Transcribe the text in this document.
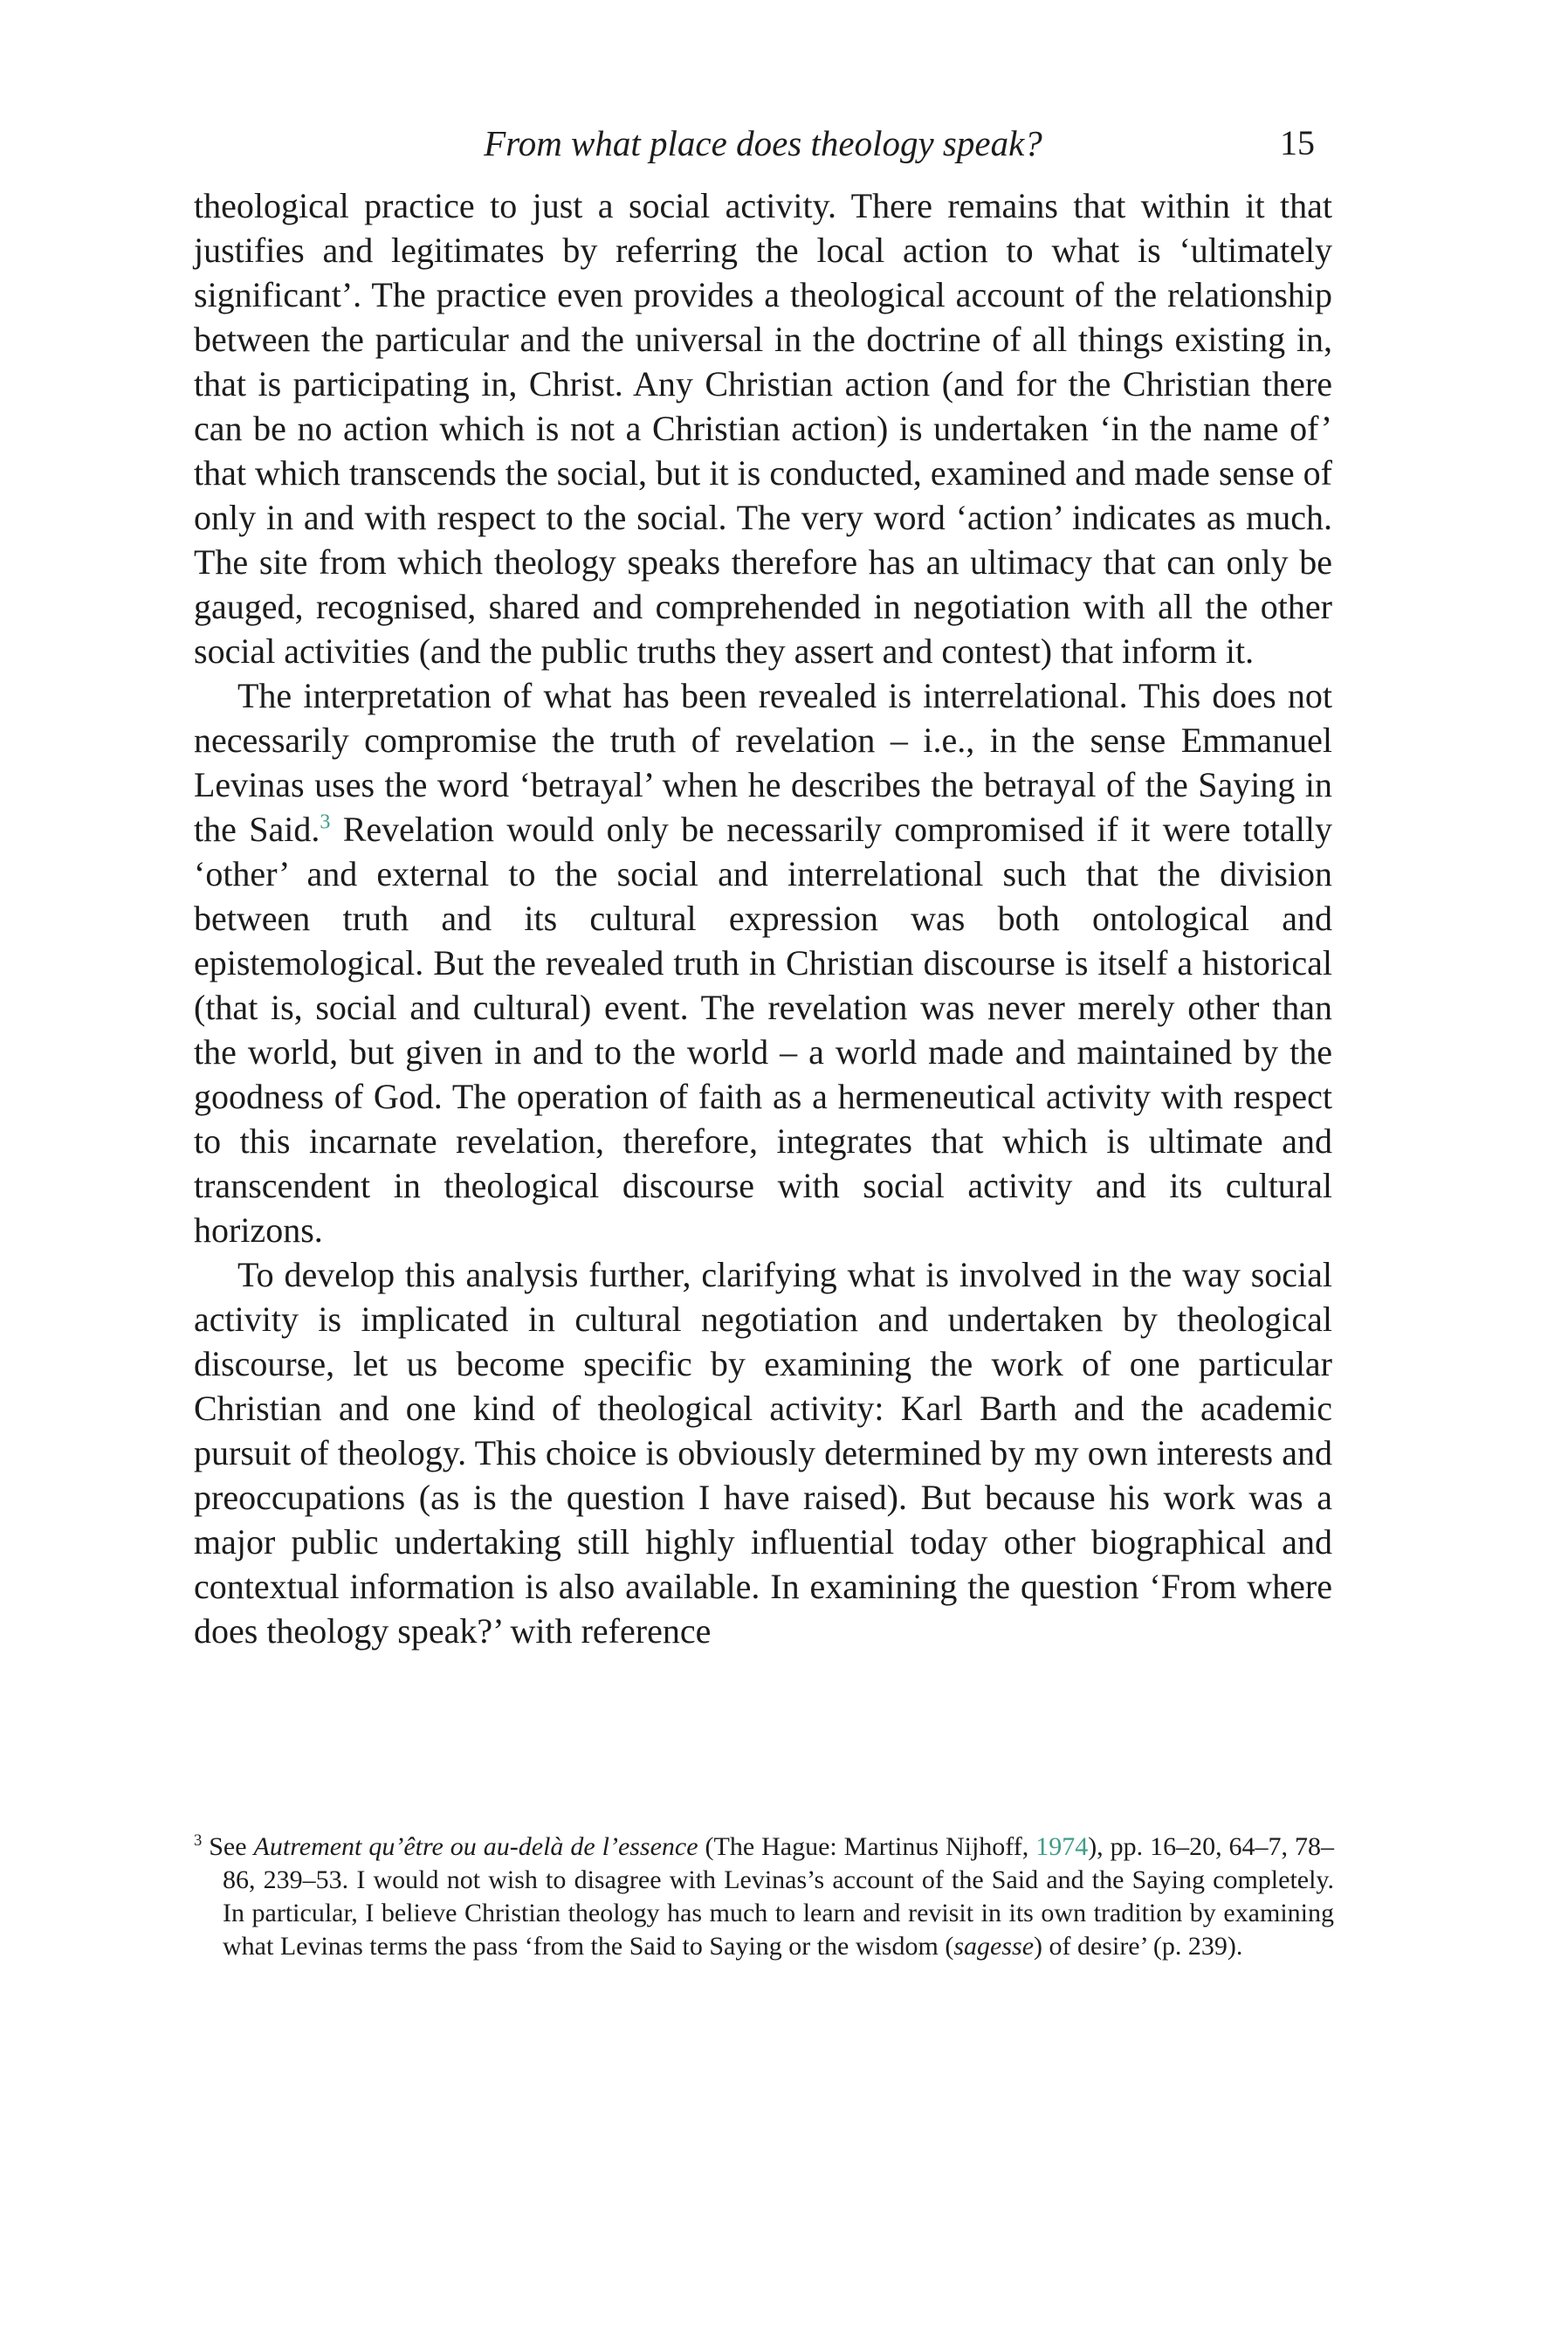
From what place does theology speak?	15

theological practice to just a social activity. There remains that within it that justifies and legitimates by referring the local action to what is ‘ultimately significant’. The practice even provides a theological account of the relationship between the particular and the universal in the doctrine of all things existing in, that is participating in, Christ. Any Christian action (and for the Christian there can be no action which is not a Christian action) is undertaken ‘in the name of’ that which transcends the social, but it is conducted, examined and made sense of only in and with respect to the social. The very word ‘action’ indicates as much. The site from which theology speaks therefore has an ultimacy that can only be gauged, recognised, shared and comprehended in negotiation with all the other social activities (and the public truths they assert and contest) that inform it.

The interpretation of what has been revealed is interrelational. This does not necessarily compromise the truth of revelation – i.e., in the sense Emmanuel Levinas uses the word ‘betrayal’ when he describes the betrayal of the Saying in the Said.$^3$ Revelation would only be necessarily compromised if it were totally ‘other’ and external to the social and interrelational such that the division between truth and its cultural expression was both ontological and epistemological. But the revealed truth in Christian discourse is itself a historical (that is, social and cultural) event. The revelation was never merely other than the world, but given in and to the world – a world made and maintained by the goodness of God. The operation of faith as a hermeneutical activity with respect to this incarnate revelation, therefore, integrates that which is ultimate and transcendent in theological discourse with social activity and its cultural horizons.

To develop this analysis further, clarifying what is involved in the way social activity is implicated in cultural negotiation and undertaken by theological discourse, let us become specific by examining the work of one particular Christian and one kind of theological activity: Karl Barth and the academic pursuit of theology. This choice is obviously determined by my own interests and preoccupations (as is the question I have raised). But because his work was a major public undertaking still highly influential today other biographical and contextual information is also available. In examining the question ‘From where does theology speak?’ with reference

$^3$ See Autrement qu’être ou au-delà de l’essence (The Hague: Martinus Nijhoff, 1974), pp. 16–20, 64–7, 78–86, 239–53. I would not wish to disagree with Levinas’s account of the Said and the Saying completely. In particular, I believe Christian theology has much to learn and revisit in its own tradition by examining what Levinas terms the pass ‘from the Said to Saying or the wisdom (sagesse) of desire’ (p. 239).
